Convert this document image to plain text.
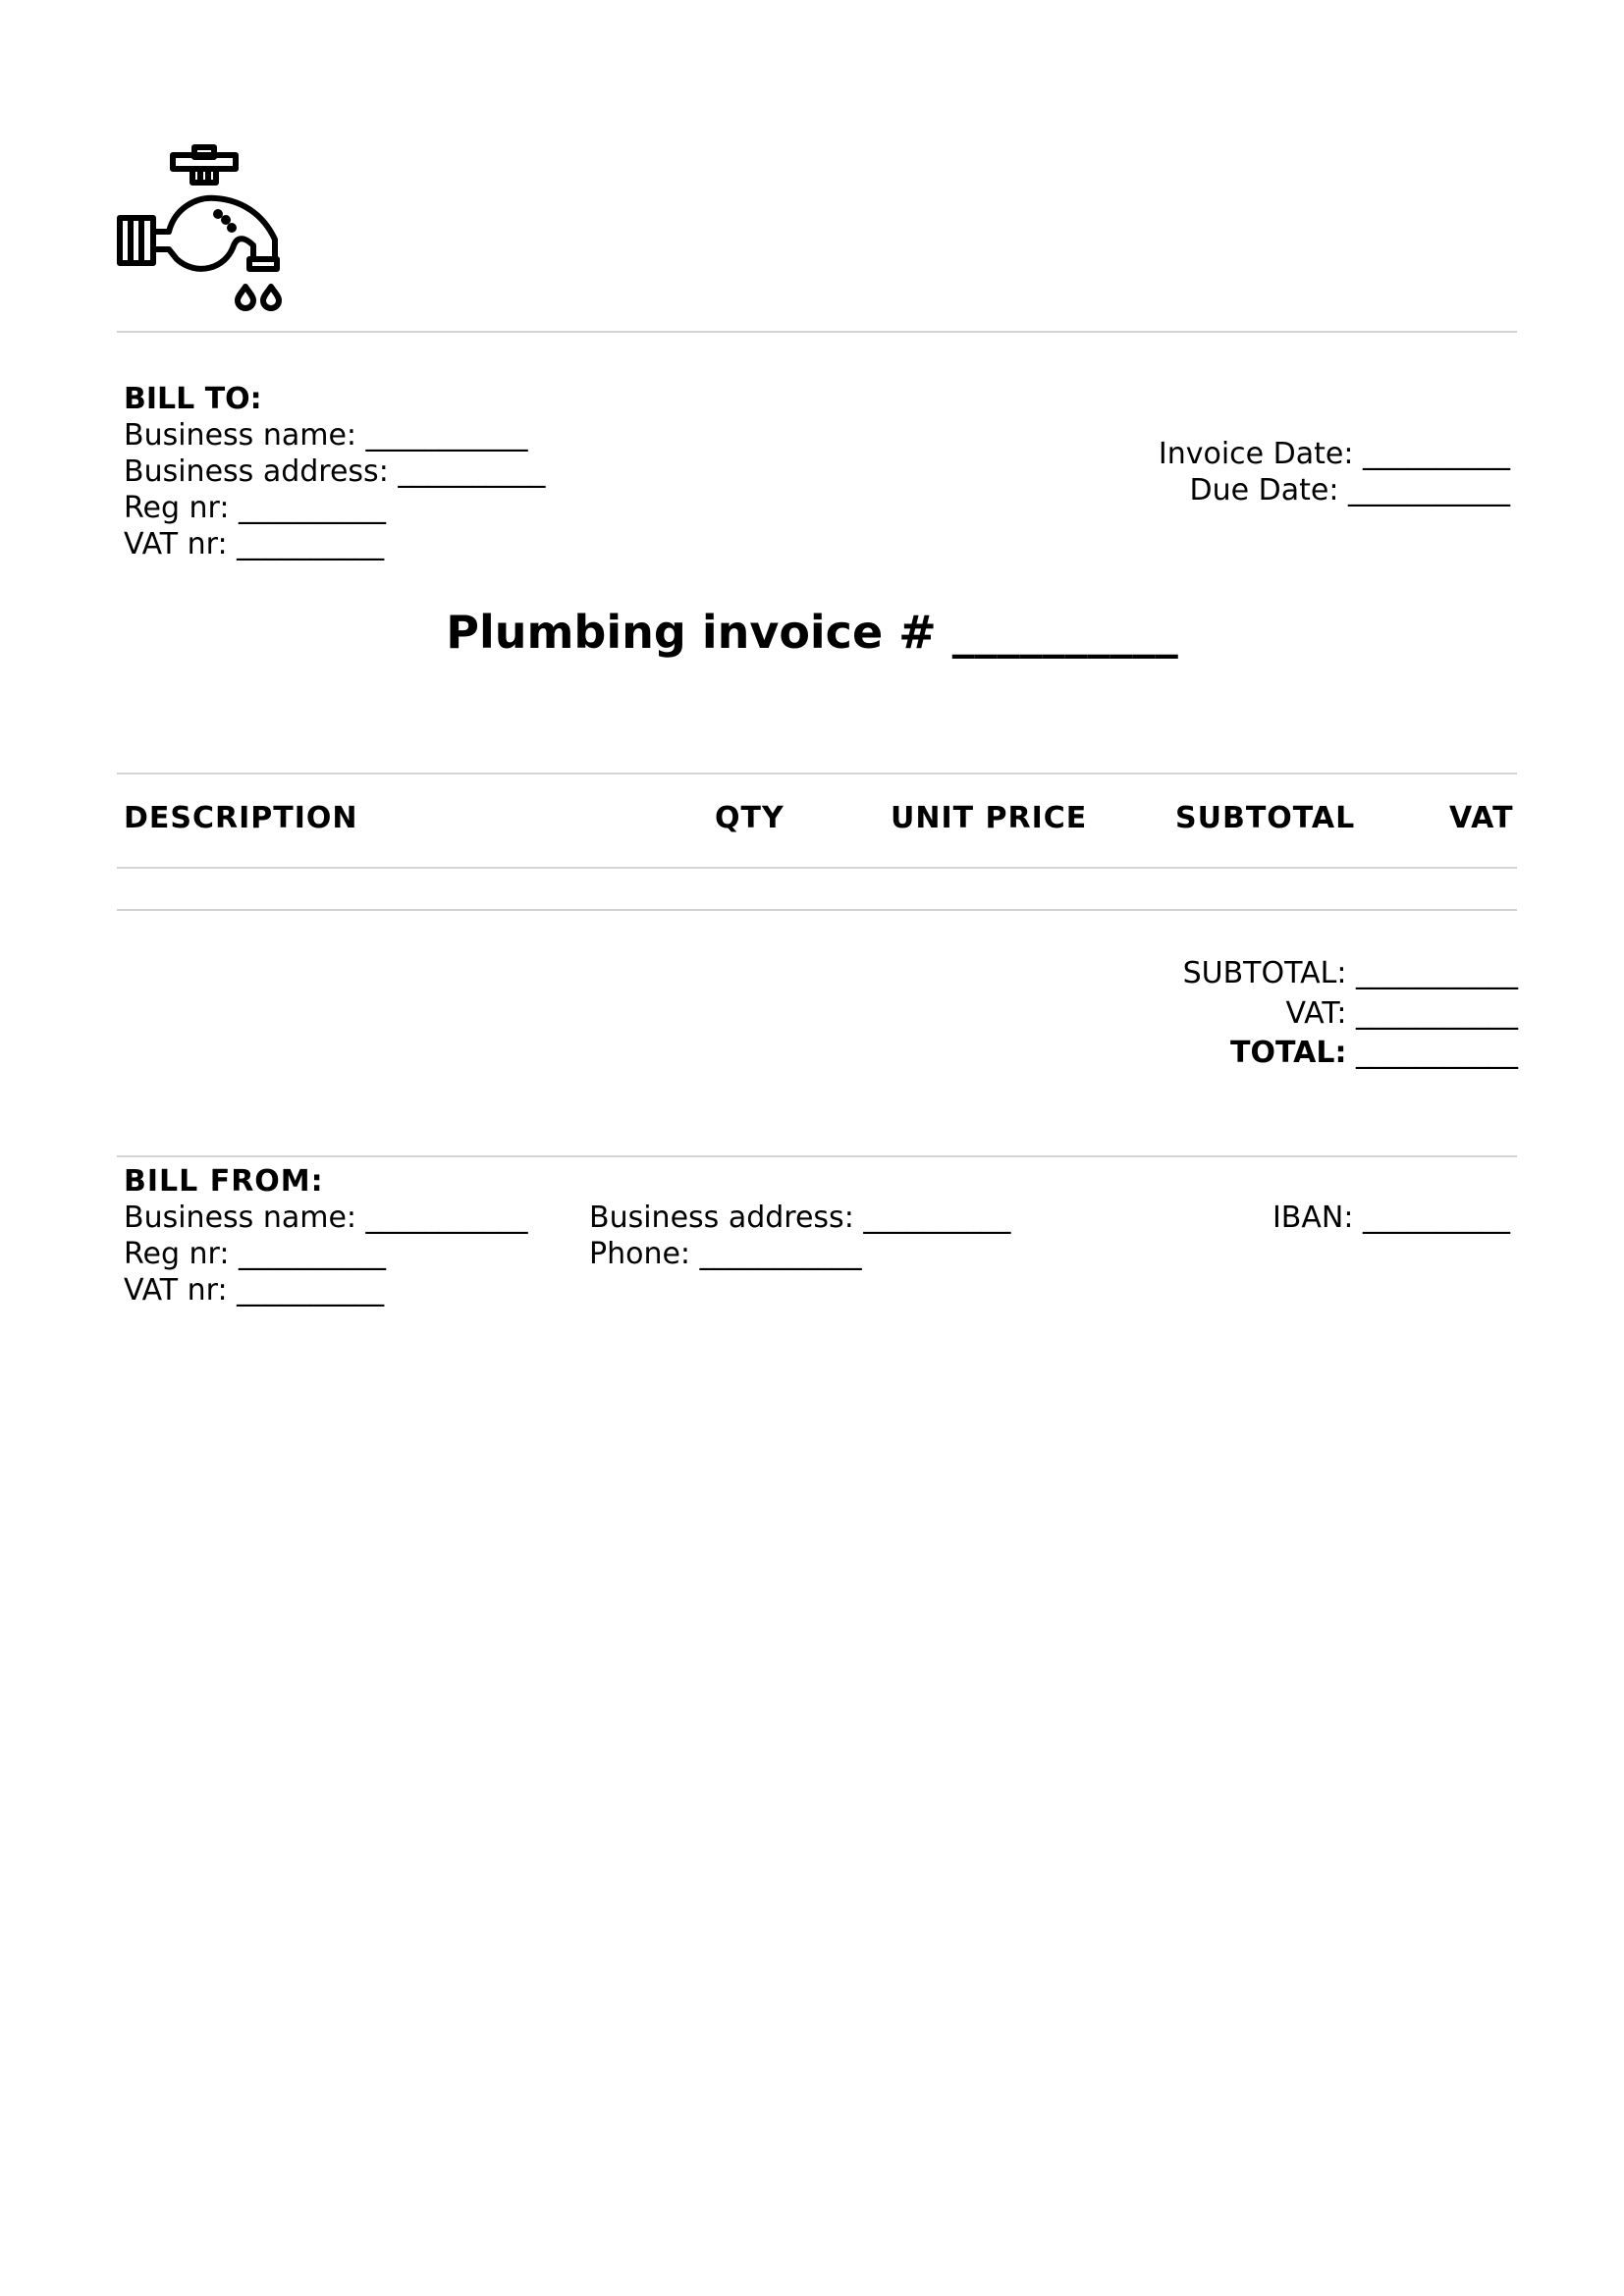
BILL TO:
Business name: ___________
Business address: __________
Reg nr: __________
VAT nr: __________
Invoice Date: __________
Due Date: ___________
Plumbing invoice # __________
DESCRIPTION	QTY	UNIT PRICE	SUBTOTAL	VAT
SUBTOTAL: ___________
VAT: ___________
TOTAL: ___________
BILL FROM:
Business name: ___________
Reg nr: __________
VAT nr: __________
Business address: __________
Phone: ___________
IBAN: __________
